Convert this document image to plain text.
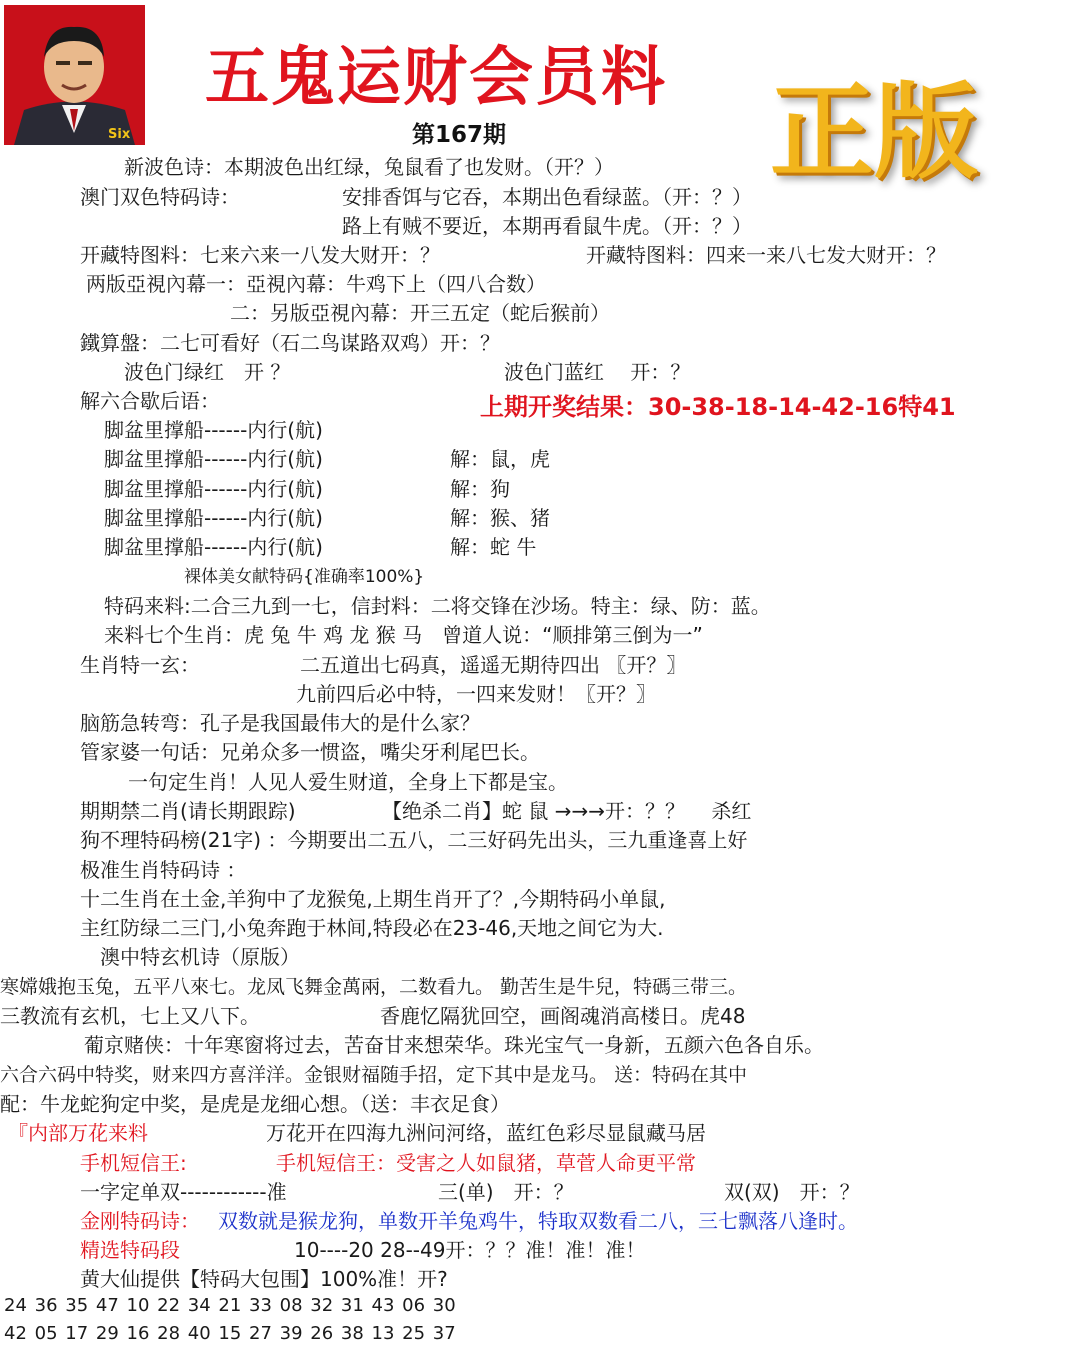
Six
五鬼运财会员料 正版
第167期
上期开奖结果：30-38-18-14-42-16特41
新波色诗：本期波色出红绿，兔鼠看了也发财。（开？）
澳门双色特码诗：	安排香饵与它吞，本期出色看绿蓝。（开：？）
路上有贼不要近，本期再看鼠牛虎。（开：？）
开藏特图料：七来六来一八发大财开：？	开藏特图料：四来一来八七发大财开：？
两版亞視內幕一：亞視內幕：牛鸡下上（四八合数）
二：另版亞視內幕：开三五定（蛇后猴前）
鐵算盤：二七可看好（石二鸟谋路双鸡）开：？
波色门绿红　开 ？	波色门蓝红　 开：？
解六合歇后语：
脚盆里撑船------内行(航)
脚盆里撑船------内行(航)	解：鼠，虎
脚盆里撑船------内行(航)	解：狗
脚盆里撑船------内行(航)	解：猴、猪
脚盆里撑船------内行(航)	解：蛇 牛
裸体美女献特码{准确率100%}
特码来料:二合三九到一七，信封料：二将交锋在沙场。特主：绿、防：蓝。
来料七个生肖：虎 兔 牛 鸡 龙 猴 马　曾道人说：“顺排第三倒为一”
生肖特一玄：	二五道出七码真，遥遥无期待四出 〖开？〗
九前四后必中特，一四来发财！〖开？〗
脑筋急转弯：孔子是我国最伟大的是什么家？
管家婆一句话：兄弟众多一惯盗，嘴尖牙利尾巴长。
一句定生肖！人见人爱生财道，全身上下都是宝。
期期禁二肖(请长期跟踪)	【绝杀二肖】蛇 鼠 →→→开：？？　 杀红
狗不理特码榜(21字) ：今期要出二五八，二三好码先出头，三九重逢喜上好
极准生肖特码诗 ：
十二生肖在土金,羊狗中了龙猴兔,上期生肖开了？,今期特码小单鼠,
主红防绿二三门,小兔奔跑于林间,特段必在23-46,天地之间它为大.
澳中特玄机诗（原版）
寒嫦娥抱玉兔，五平八來七。龙凤飞舞金萬兩，二数看九。 勤苦生是牛兒，特碼三带三。
三教流有玄机，七上又八下。	香鹿忆隔犹回空，画阁魂消高楼日。虎48
葡京赌侠：十年寒窗将过去，苦奋甘来想荣华。珠光宝气一身新，五颜六色各自乐。
六合六码中特奖，财来四方喜洋洋。金银财福随手招，定下其中是龙马。 送：特码在其中
配：牛龙蛇狗定中奖，是虎是龙细心想。（送：丰衣足食）
『内部万花来料	万花开在四海九洲问河络，蓝红色彩尽显鼠藏马居
手机短信王:	手机短信王：受害之人如鼠猪，草菅人命更平常
一字定单双------------准	三(单)　开：？	双(双)　开：？
金刚特码诗： 双数就是猴龙狗，单数开羊兔鸡牛，特取双数看二八，三七飘落八逢时。
精选特码段	10----20 28--49开：？？准！准！准！
黄大仙提供【特码大包围】100%准！开?
24 36 35 47 10 22 34 21 33 08 32 31 43 06 30
42 05 17 29 16 28 40 15 27 39 26 38 13 25 37
